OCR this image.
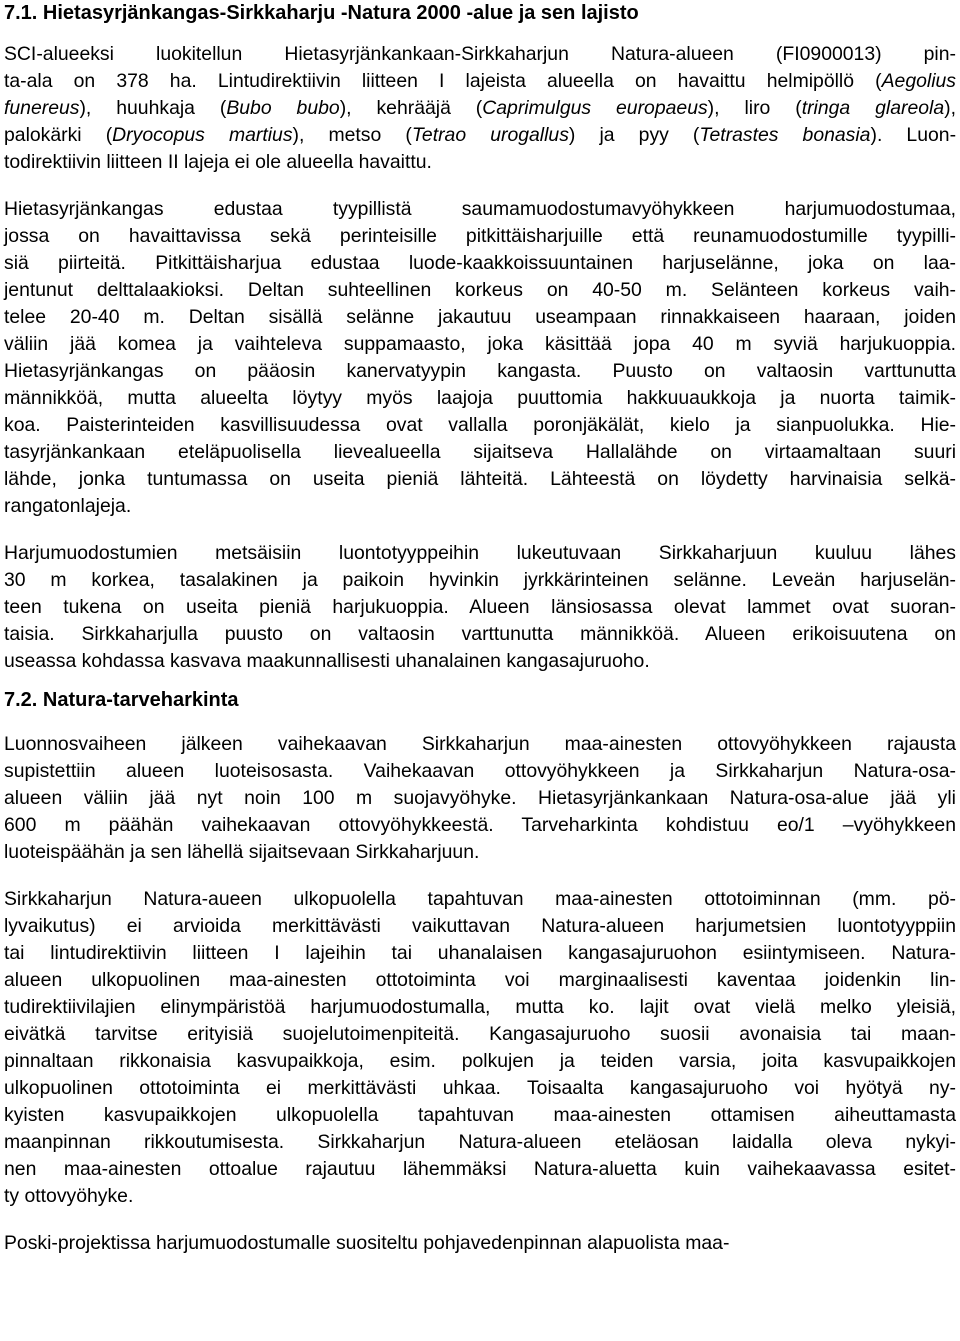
7.1. Hietasyrjänkangas-Sirkkaharju -Natura 2000 -alue ja sen lajisto

SCI-alueeksi luokitellun Hietasyrjänkankaan-Sirkkaharjun Natura-alueen (FI0900013) pin-
ta-ala on 378 ha. Lintudirektiivin liitteen I lajeista alueella on havaittu helmipöllö (Aegolius
funereus), huuhkaja (Bubo bubo), kehrääjä (Caprimulgus europaeus), liro (tringa glareola),
palokärki (Dryocopus martius), metso (Tetrao urogallus) ja pyy (Tetrastes bonasia). Luon-
todirektiivin liitteen II lajeja ei ole alueella havaittu.

Hietasyrjänkangas edustaa tyypillistä saumamuodostumavyöhykkeen harjumuodostumaa,
jossa on havaittavissa sekä perinteisille pitkittäisharjuille että reunamuodostumille tyypilli-
siä piirteitä. Pitkittäisharjua edustaa luode-kaakkoissuuntainen harjuselänne, joka on laa-
jentunut delttalaakioksi. Deltan suhteellinen korkeus on 40-50 m. Selänteen korkeus vaih-
telee 20-40 m. Deltan sisällä selänne jakautuu useampaan rinnakkaiseen haaraan, joiden
väliin jää komea ja vaihteleva suppamaasto, joka käsittää jopa 40 m syviä harjukuoppia.
Hietasyrjänkangas on pääosin kanervatyypin kangasta. Puusto on valtaosin varttunutta
männikköä, mutta alueelta löytyy myös laajoja puuttomia hakkuuaukkoja ja nuorta taimik-
koa. Paisterinteiden kasvillisuudessa ovat vallalla poronjäkälät, kielo ja sianpuolukka. Hie-
tasyrjänkankaan eteläpuolisella lievealueella sijaitseva Hallalähde on virtaamaltaan suuri
lähde, jonka tuntumassa on useita pieniä lähteitä. Lähteestä on löydetty harvinaisia selkä-
rangatonlajeja.

Harjumuodostumien metsäisiin luontotyyppeihin lukeutuvaan Sirkkaharjuun kuuluu lähes
30 m korkea, tasalakinen ja paikoin hyvinkin jyrkkärinteinen selänne. Leveän harjuselän-
teen tukena on useita pieniä harjukuoppia. Alueen länsiosassa olevat lammet ovat suoran-
taisia. Sirkkaharjulla puusto on valtaosin varttunutta männikköä. Alueen erikoisuutena on
useassa kohdassa kasvava maakunnallisesti uhanalainen kangasajuruoho.

7.2. Natura-tarveharkinta

Luonnosvaiheen jälkeen vaihekaavan Sirkkaharjun maa-ainesten ottovyöhykkeen rajausta
supistettiin alueen luoteisosasta. Vaihekaavan ottovyöhykkeen ja Sirkkaharjun Natura-osa-
alueen väliin jää nyt noin 100 m suojavyöhyke. Hietasyrjänkankaan Natura-osa-alue jää yli
600 m päähän vaihekaavan ottovyöhykkeestä. Tarveharkinta kohdistuu eo/1 –vyöhykkeen
luoteispäähän ja sen lähellä sijaitsevaan Sirkkaharjuun.

Sirkkaharjun Natura-aueen ulkopuolella tapahtuvan maa-ainesten ottotoiminnan (mm. pö-
lyvaikutus) ei arvioida merkittävästi vaikuttavan Natura-alueen harjumetsien luontotyyppiin
tai lintudirektiivin liitteen I lajeihin tai uhanalaisen kangasajuruohon esiintymiseen. Natura-
alueen ulkopuolinen maa-ainesten ottotoiminta voi marginaalisesti kaventaa joidenkin lin-
tudirektiivilajien elinympäristöä harjumuodostumalla, mutta ko. lajit ovat vielä melko yleisiä,
eivätkä tarvitse erityisiä suojelutoimenpiteitä. Kangasajuruoho suosii avonaisia tai maan-
pinnaltaan rikkonaisia kasvupaikkoja, esim. polkujen ja teiden varsia, joita kasvupaikkojen
ulkopuolinen ottotoiminta ei merkittävästi uhkaa. Toisaalta kangasajuruoho voi hyötyä ny-
kyisten kasvupaikkojen ulkopuolella tapahtuvan maa-ainesten ottamisen aiheuttamasta
maanpinnan rikkoutumisesta. Sirkkaharjun Natura-alueen eteläosan laidalla oleva nykyi-
nen maa-ainesten ottoalue rajautuu lähemmäksi Natura-aluetta kuin vaihekaavassa esitet-
ty ottovyöhyke.

Poski-projektissa harjumuodostumalle suositeltu pohjavedenpinnan alapuolista maa-
